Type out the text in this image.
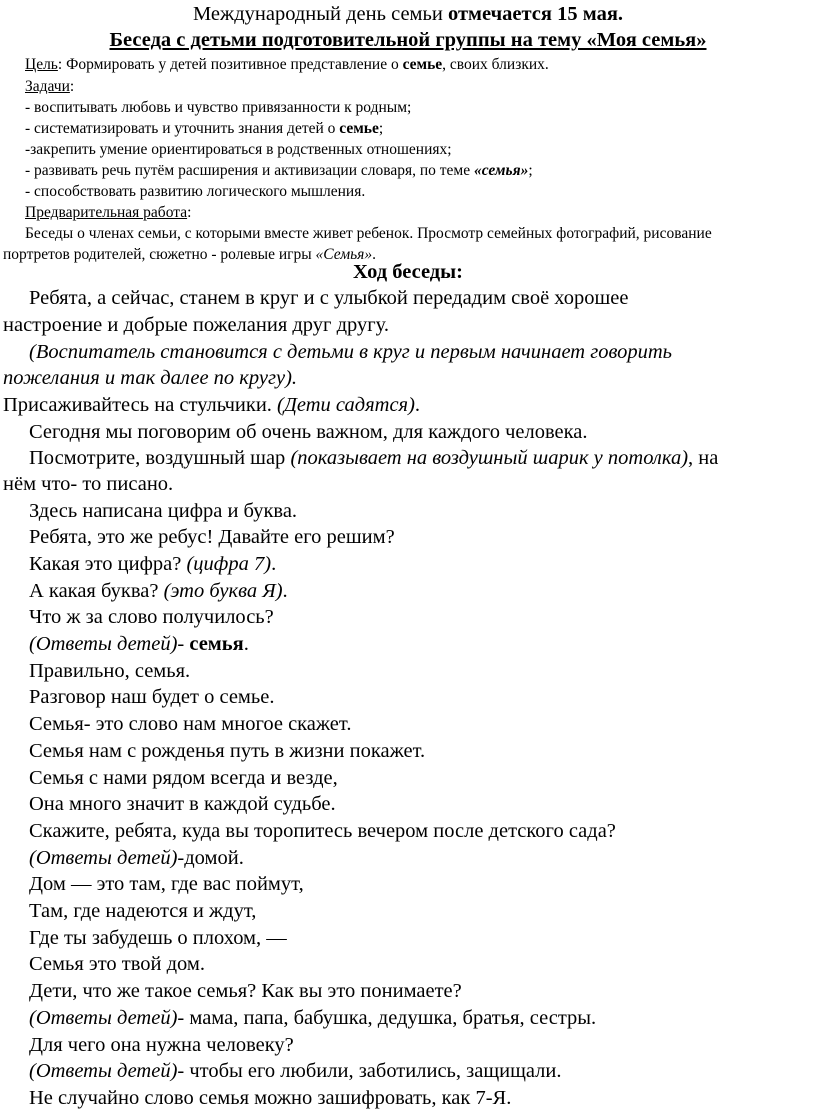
Международный день семьи отмечается 15 мая.
Беседа с детьми подготовительной группы на тему «Моя семья»
Цель: Формировать у детей позитивное представление о семье, своих близких.
Задачи:
- воспитывать любовь и чувство привязанности к родным;
- систематизировать и уточнить знания детей о семье;
-закрепить умение ориентироваться в родственных отношениях;
- развивать речь путём расширения и активизации словаря, по теме «семья»;
- способствовать развитию логического мышления.
Предварительная работа:
Беседы о членах семьи, с которыми вместе живет ребенок. Просмотр семейных фотографий, рисование
портретов родителей, сюжетно - ролевые игры «Семья».
Ход беседы:
Ребята, а сейчас, станем в круг и с улыбкой передадим своё хорошее
настроение и добрые пожелания друг другу.
(Воспитатель становится с детьми в круг и первым начинает говорить
пожелания и так далее по кругу).
Присаживайтесь на стульчики. (Дети садятся).
Сегодня мы поговорим об очень важном, для каждого человека.
Посмотрите, воздушный шар (показывает на воздушный шарик у потолка), на
нём что- то писано.
Здесь написана цифра и буква.
Ребята, это же ребус! Давайте его решим?
Какая это цифра? (цифра 7).
А какая буква? (это буква Я).
Что ж за слово получилось?
(Ответы детей)- семья.
Правильно, семья.
Разговор наш будет о семье.
Семья- это слово нам многое скажет.
Семья нам с рожденья путь в жизни покажет.
Семья с нами рядом всегда и везде,
Она много значит в каждой судьбе.
Скажите, ребята, куда вы торопитесь вечером после детского сада?
(Ответы детей)-домой.
Дом — это там, где вас поймут,
Там, где надеются и ждут,
Где ты забудешь о плохом, —
Семья это твой дом.
Дети, что же такое семья? Как вы это понимаете?
(Ответы детей)- мама, папа, бабушка, дедушка, братья, сестры.
Для чего она нужна человеку?
(Ответы детей)- чтобы его любили, заботились, защищали.
Не случайно слово семья можно зашифровать, как 7-Я.
